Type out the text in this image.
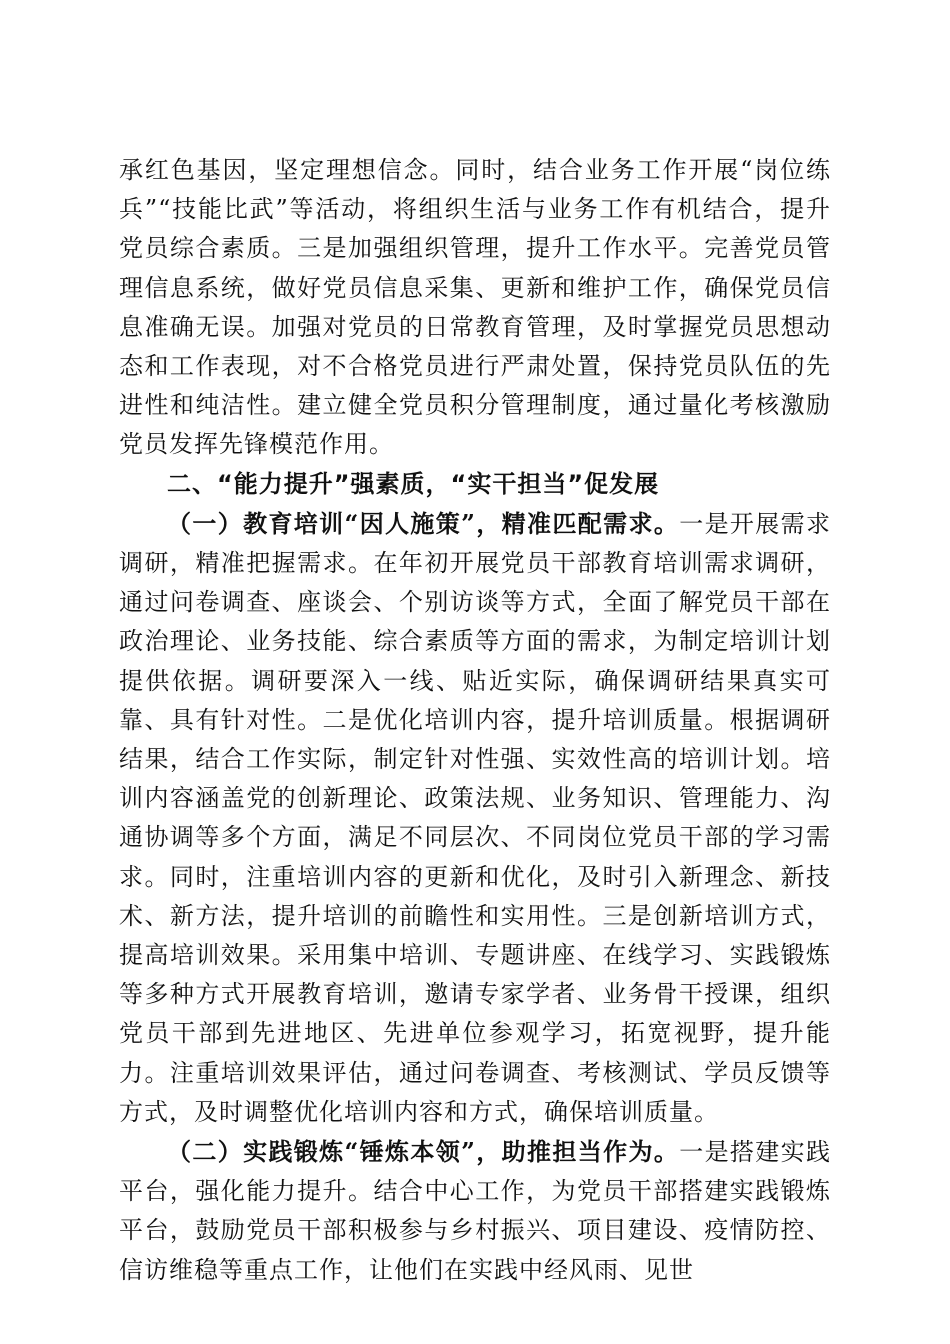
承红色基因，坚定理想信念。同时，结合业务工作开展“岗位练兵”“技能比武”等活动，将组织生活与业务工作有机结合，提升党员综合素质。三是加强组织管理，提升工作水平。完善党员管理信息系统，做好党员信息采集、更新和维护工作，确保党员信息准确无误。加强对党员的日常教育管理，及时掌握党员思想动态和工作表现，对不合格党员进行严肃处置，保持党员队伍的先进性和纯洁性。建立健全党员积分管理制度，通过量化考核激励党员发挥先锋模范作用。

二、“能力提升”强素质，“实干担当”促发展

（一）教育培训“因人施策”，精准匹配需求。一是开展需求调研，精准把握需求。在年初开展党员干部教育培训需求调研，通过问卷调查、座谈会、个别访谈等方式，全面了解党员干部在政治理论、业务技能、综合素质等方面的需求，为制定培训计划提供依据。调研要深入一线、贴近实际，确保调研结果真实可靠、具有针对性。二是优化培训内容，提升培训质量。根据调研结果，结合工作实际，制定针对性强、实效性高的培训计划。培训内容涵盖党的创新理论、政策法规、业务知识、管理能力、沟通协调等多个方面，满足不同层次、不同岗位党员干部的学习需求。同时，注重培训内容的更新和优化，及时引入新理念、新技术、新方法，提升培训的前瞻性和实用性。三是创新培训方式，提高培训效果。采用集中培训、专题讲座、在线学习、实践锻炼等多种方式开展教育培训，邀请专家学者、业务骨干授课，组织党员干部到先进地区、先进单位参观学习，拓宽视野，提升能力。注重培训效果评估，通过问卷调查、考核测试、学员反馈等方式，及时调整优化培训内容和方式，确保培训质量。

（二）实践锻炼“锤炼本领”，助推担当作为。一是搭建实践平台，强化能力提升。结合中心工作，为党员干部搭建实践锻炼平台，鼓励党员干部积极参与乡村振兴、项目建设、疫情防控、信访维稳等重点工作，让他们在实践中经风雨、见世
